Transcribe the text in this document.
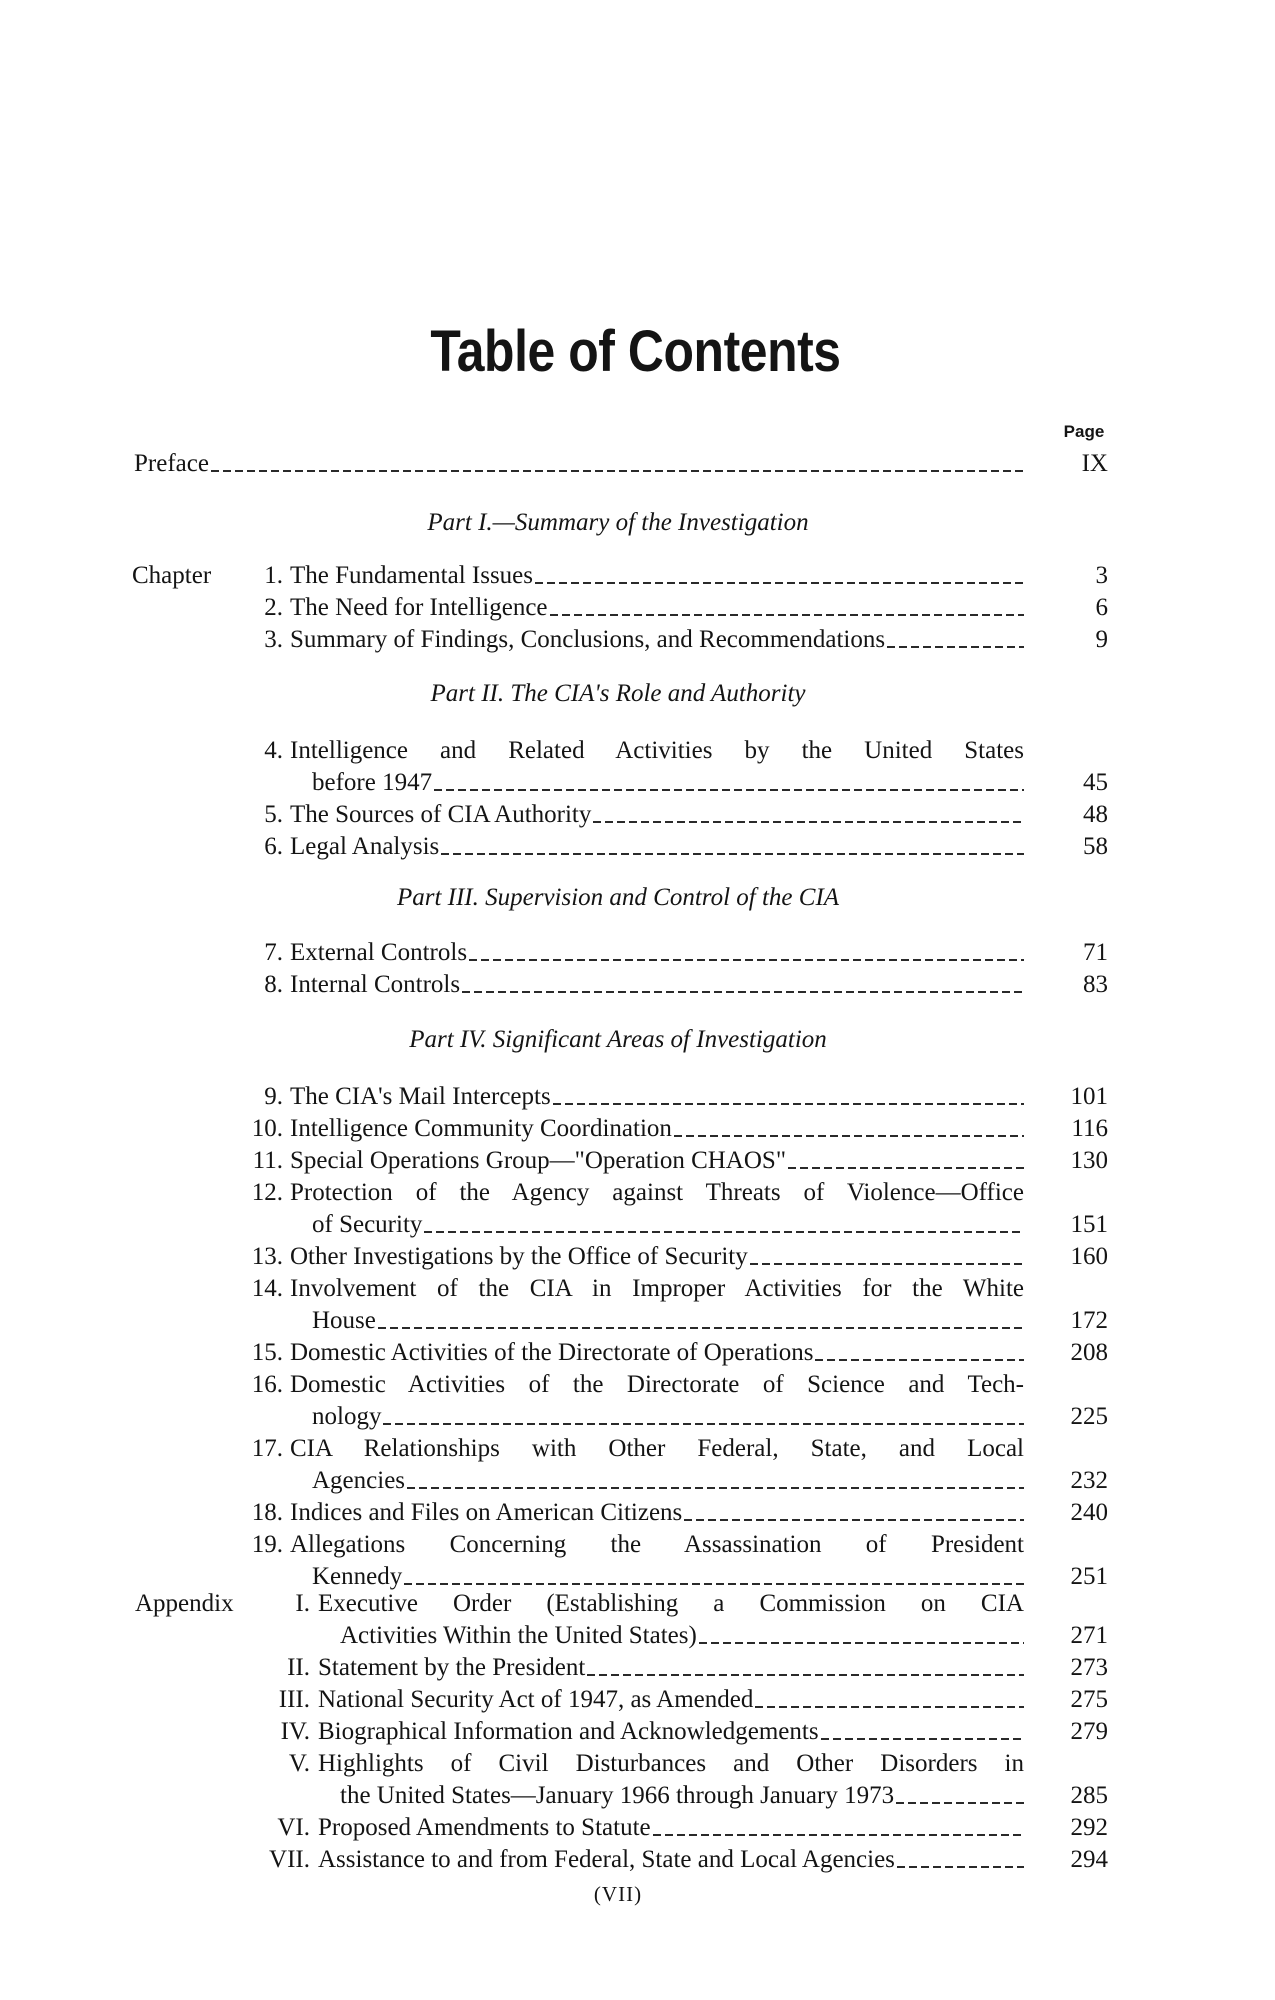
Table of Contents
Page
Preface	IX
Part I.—Summary of the Investigation
Chapter	1. The Fundamental Issues	3
2. The Need for Intelligence	6
3. Summary of Findings, Conclusions, and Recommendations	9
4. Intelligence and Related Activities by the United States
before 1947	45
5. The Sources of CIA Authority	48
6. Legal Analysis	58
7. External Controls	71
8. Internal Controls	83
9. The CIA's Mail Intercepts	101
10. Intelligence Community Coordination	116
11. Special Operations Group—"Operation CHAOS"	130
12. Protection of the Agency against Threats of Violence—Office
of Security	151
13. Other Investigations by the Office of Security	160
14. Involvement of the CIA in Improper Activities for the White
House	172
15. Domestic Activities of the Directorate of Operations	208
16. Domestic Activities of the Directorate of Science and Tech-
nology	225
17. CIA Relationships with Other Federal, State, and Local
Agencies	232
18. Indices and Files on American Citizens	240
19. Allegations Concerning the Assassination of President
Kennedy	251
I. Executive Order (Establishing a Commission on CIA
Activities Within the United States)	271
II. Statement by the President	273
III. National Security Act of 1947, as Amended	275
IV. Biographical Information and Acknowledgements	279
V. Highlights of Civil Disturbances and Other Disorders in
the United States—January 1966 through January 1973	285
VI. Proposed Amendments to Statute	292
VII. Assistance to and from Federal, State and Local Agencies	294
Part II. The CIA's Role and Authority
Part III. Supervision and Control of the CIA
Part IV. Significant Areas of Investigation
Appendix
(VII)
